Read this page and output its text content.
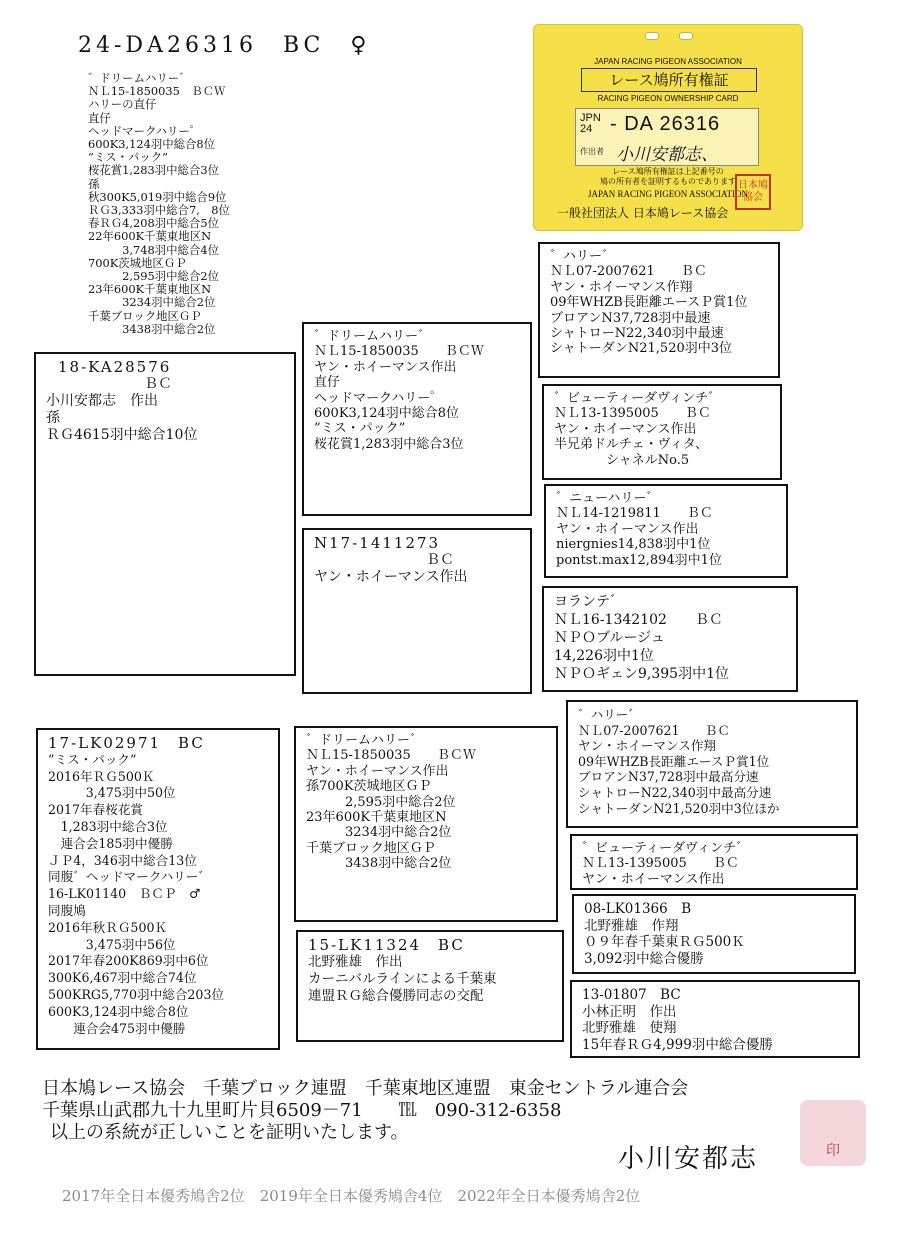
24-DA26316　BC　♀
゛ドリームハリー゛
ＮＬ15-1850035　ＢＣＷ
ハリーの直仔
直仔
ヘッドマークハリー゜
600K3,124羽中総合8位
”ミス・パック”
桜花賞1,283羽中総合3位
孫
秋300K5,019羽中総合9位
ＲＧ3,333羽中総合7,　8位
春ＲＧ4,208羽中総合5位
22年600K千葉東地区N
　　　3,748羽中総合4位
700K茨城地区ＧＰ
　　　2,595羽中総合2位
23年600K千葉東地区N
　　　3234羽中総合2位
千葉ブロック地区ＧＰ
　　　3438羽中総合2位
JAPAN RACING PIGEON ASSOCIATION
レース鳩所有権証
RACING PIGEON OWNERSHIP CARD
JPN
24 - DA 26316
作出者 小川安都志、
レース鳩所有権証は上記番号の
鳩の所有者を証明するものであります
JAPAN RACING PIGEON ASSOCIATION
一般社団法人 日本鳩レース協会
日本鳩
協会
18-KA28576
　　　　　　　ＢＣ
小川安都志　作出
孫
ＲＧ4615羽中総合10位
゛ドリームハリー゛
ＮＬ15-1850035　　ＢＣＷ
ヤン・ホイーマンス作出
直仔
ヘッドマークハリー゜
600K3,124羽中総合8位
”ミス・パック”
桜花賞1,283羽中総合3位
N17-1411273
　　　　　　　　ＢＣ
ヤン・ホイーマンス作出
゛ハリー゛
ＮＬ07-2007621　　ＢＣ
ヤン・ホイーマンス作翔
09年WHZB長距離エースＰ賞1位
ブロアンN37,728羽中最速
シャトローN22,340羽中最速
シャトーダンN21,520羽中3位
゛ビューティーダヴィンチ゛
ＮＬ13-1395005　　ＢＣ
ヤン・ホイーマンス作出
半兄弟ドルチェ・ヴィタ、
　　　　シャネルNo.5
゛ニューハリー゛
ＮＬ14-1219811　　ＢＣ
ヤン・ホイーマンス作出
niergnies14,838羽中1位
pontst.max12,894羽中1位
ヨランテ゛
ＮＬ16-1342102　　ＢＣ
ＮＰＯブルージュ
14,226羽中1位
ＮＰＯギェン9,395羽中1位
17-LK02971　BC
”ミス・パック”
2016年ＲＧ500Ｋ
　　　3,475羽中50位
2017年春桜花賞
　1,283羽中総合3位
　連合会185羽中優勝
ＪＰ4，346羽中総合13位
同腹゛ヘッドマークハリー゛
16-LK01140　ＢＣＰ　♂
同腹鳩
2016年秋ＲＧ500Ｋ
　　　3,475羽中56位
2017年春200K869羽中6位
300K6,467羽中総合74位
500KRG5,770羽中総合203位
600K3,124羽中総合8位
　　連合会475羽中優勝
゛ドリームハリー゛
ＮＬ15-1850035　　ＢＣＷ
ヤン・ホイーマンス作出
孫700K茨城地区ＧＰ
　　　2,595羽中総合2位
23年600K千葉東地区N
　　　3234羽中総合2位
千葉ブロック地区ＧＰ
　　　3438羽中総合2位
15-LK11324　BC
北野雅雄　作出
カーニバルラインによる千葉東
連盟ＲＧ総合優勝同志の交配
゛ハリー゛
ＮＬ07-2007621　　ＢＣ
ヤン・ホイーマンス作翔
09年WHZB長距離エースＰ賞1位
ブロアンN37,728羽中最高分速
シャトローN22,340羽中最高分速
シャトーダンN21,520羽中3位ほか
゛ビューティーダヴィンチ゛
ＮＬ13-1395005　　ＢＣ
ヤン・ホイーマンス作出
08-LK01366　B
北野雅雄　作翔
０９年春千葉東ＲＧ500Ｋ
3,092羽中総合優勝
13-01807　BC
小林正明　作出
北野雅雄　使翔
15年春ＲＧ4,999羽中総合優勝
日本鳩レース協会　千葉ブロック連盟　千葉東地区連盟　東金セントラル連合会
千葉県山武郡九十九里町片貝6509－71　　℡　090-312-6358
以上の系統が正しいことを証明いたします。
小川安都志	印
2017年全日本優秀鳩舎2位　2019年全日本優秀鳩舎4位　2022年全日本優秀鳩舎2位
